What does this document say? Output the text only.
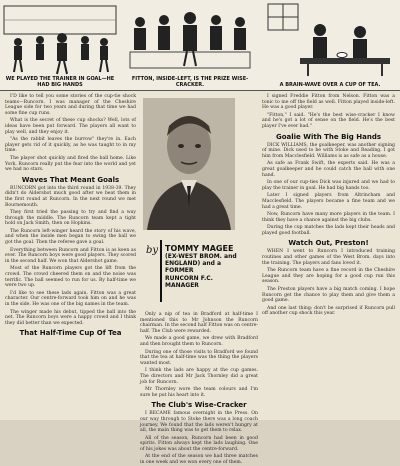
WE PLAYED THE TRAINER IN GOAL—HE HAD BIG HANDS
FITTON, INSIDE-LEFT, IS THE PRIZE WISE-CRACKER.	A BRAIN-WAVE OVER A CUP OF TEA.

I'D like to tell you some stories of the cup-tie shock teams—Runcorn. I was manager of the Cheshire League side for two years and during that time we had some fine cup runs.

What is the secret of these cup shocks? Well, lots of ideas have been put forward. The players all want to play well, and they enjoy it.

"As the rabbit leaves the burrow" they're in. Each player gets rid of it quickly, as he was taught to in my time.

The player shot quickly and fired the ball home. Like York, Runcorn really put the fear into the world and yet we had no stars.

Waves That Meant Goals

RUNCORN got into the third round in 1938-39. They didn't do Aldershot much good after we beat them in the first round at Runcorn. In the next round we met Bournemouth.

They first tried the passing to try and find a way through the middle. The Runcorn team kept a tight hold on Jack Smith, then on Hopkins.

The Runcorn left-winger heard the story of his wave, and when the inside men began to swing the ball we got the goal. Then the referee gave a goal.

Everything between Runcorn and Fitton is as keen as ever. The Runcorn boys were good players. They scored in the second half. We won that Aldershot game.

Most of the Runcorn players got the lift from the crowd. The crowd cheered them on and the noise was terrific. The ball seemed to run for us. By half-time we were two up.

I'd like to see these lads again. Fitton was a great character. Our centre-forward took him on and he was in the side. He was one of the big names in the team.

The winger made his debut, tipped the ball into the net. The Runcorn boys were a happy crowd and I think they did better than we expected.

That Half-Time Cup Of Tea
by TOMMY MAGEE
(EX-WEST BROM. and
ENGLAND) and a FORMER
RUNCORN F.C. MANAGER

Only a nip of tea in Bradford at half-time I mentioned this to Mr Johnson the Runcorn chairman. In the second half Fitton was on centre-half. The Club were rewarded.

We made a good game, we drew with Bradford and then brought them to Runcorn.

During one of those visits to Bradford we found that the tea at half-time was the thing the players wanted most.

I think the lads are happy at the cup games. The directors and Mr Jack Thornley did a great job for Runcorn.

Mr Thornley wore the team colours and I'm sure he put his heart into it.

The Club's Wise-Cracker

I BECAME famous overnight in the Press. On our way through to Stoke there was a long coach journey. We found that the lads weren't hungry at all, the main thing was to get them to relax.

All of the season, Runcorn had been in good spirits. Fitton always kept the lads laughing. One of his jokes was about the centre-forward.

At the end of the season we had three matches in one week and we won every one of them.

I signed Freddie Fitton from Nelson. Fitton was a tonic to me off the field as well. Fitton played inside-left. He was a good player.

"Fitton," I said. "He's the best wise-cracker I know and he's got a lot of sense on the field. He's the best player I've ever had."

Goalie With The Big Hands

DICK WILLIAMS, the goalkeeper, was another signing of mine. Dick used to be with Stoke and Reading. I got him from Macclesfield. Williams is as safe as a house.

As safe as Frank Swift, the experts said. He was a great goalkeeper and he could catch the ball with one hand.

In one of our cup-ties Dick was injured and we had to play the trainer in goal. He had big hands too.

Later I signed players from Altrincham and Macclesfield. The players became a fine team and we had a great time.

Now, Runcorn have many more players in the team. I think they have a chance against the big clubs.

During the cup matches the lads kept their heads and played good football.

Watch Out, Preston!

WHEN I went to Runcorn I introduced training routines and other games of the West Brom. days into the training. The players and fans loved it.

The Runcorn team have a fine record in the Cheshire League and they are hoping for a good cup run this season.

The Preston players have a big match coming. I hope Runcorn get the chance to play them and give them a good game.

And one last thing: don't be surprised if Runcorn pull off another cup shock this year.
